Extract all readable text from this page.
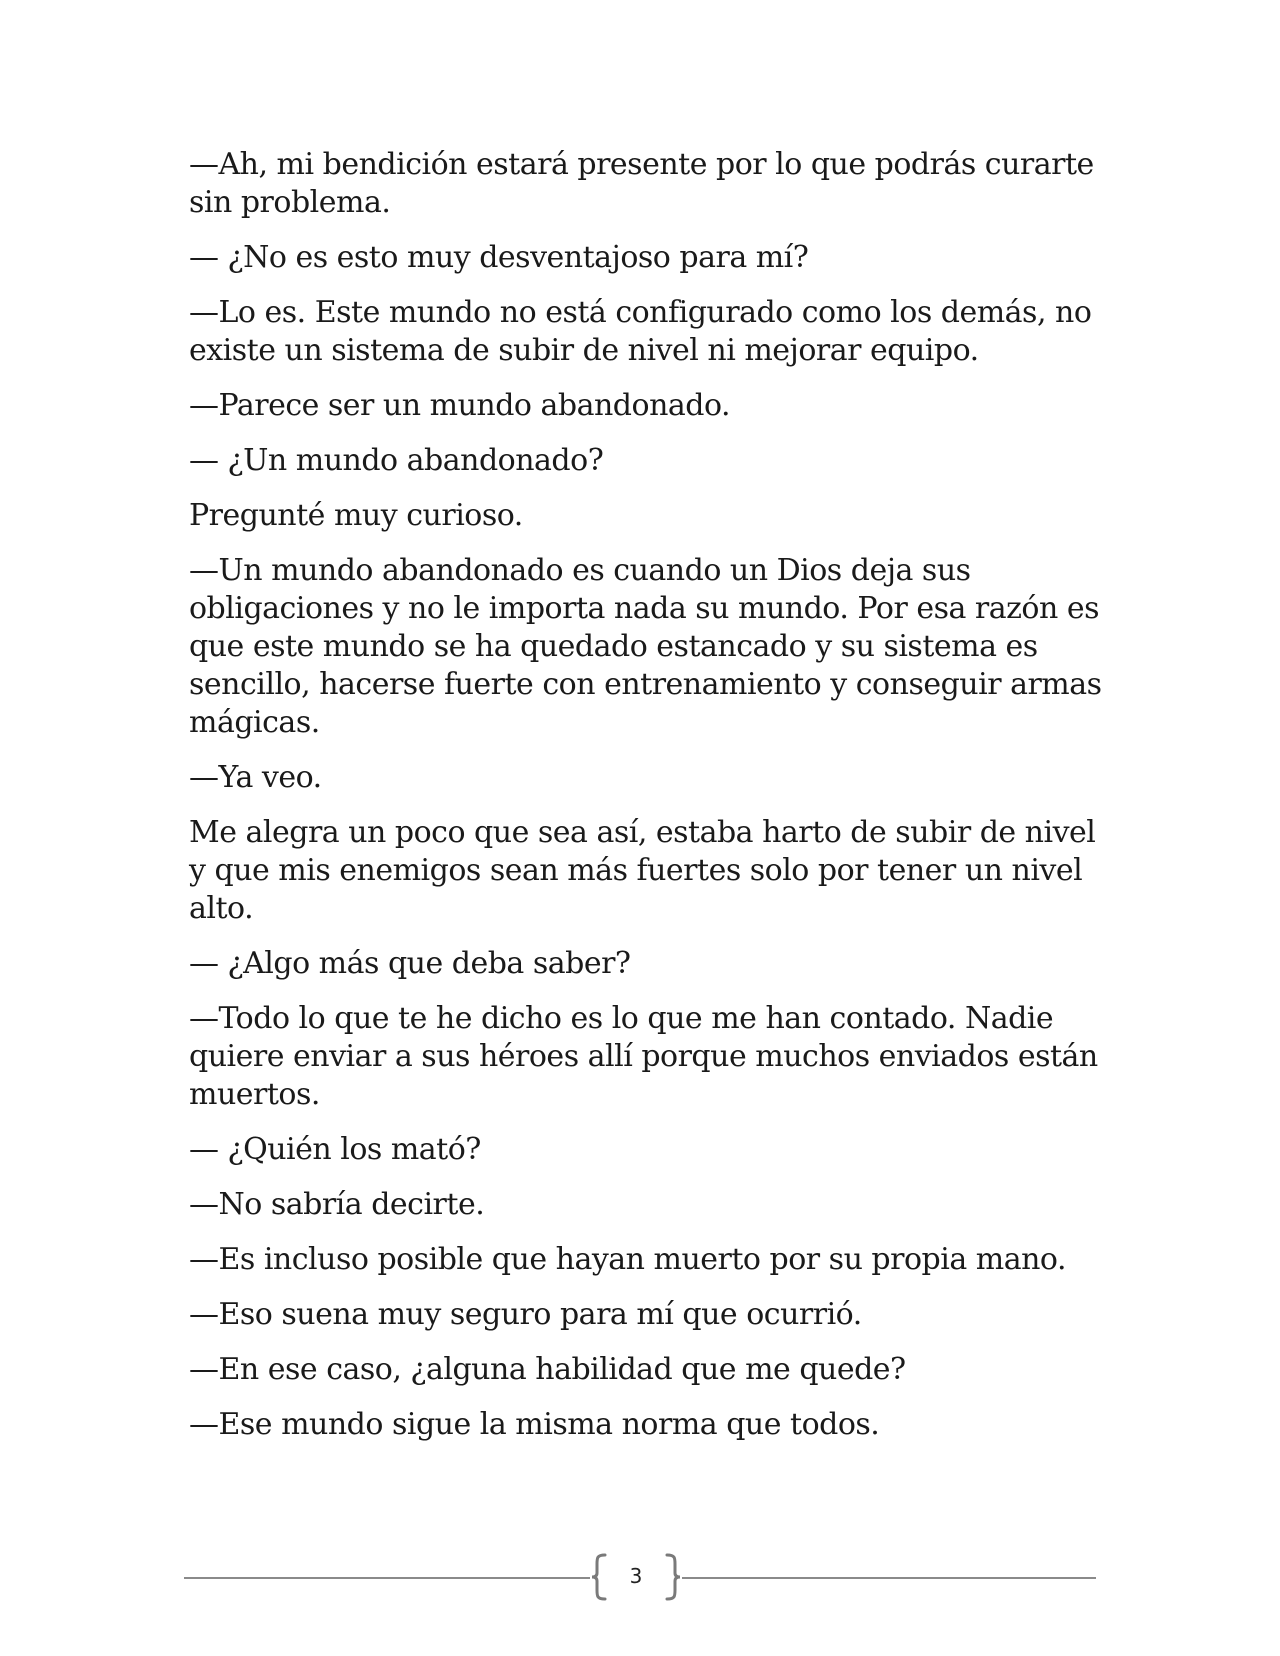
—Ah, mi bendición estará presente por lo que podrás curarte sin problema.

— ¿No es esto muy desventajoso para mí?

—Lo es. Este mundo no está configurado como los demás, no existe un sistema de subir de nivel ni mejorar equipo.

—Parece ser un mundo abandonado.

— ¿Un mundo abandonado?

Pregunté muy curioso.

—Un mundo abandonado es cuando un Dios deja sus obligaciones y no le importa nada su mundo. Por esa razón es que este mundo se ha quedado estancado y su sistema es sencillo, hacerse fuerte con entrenamiento y conseguir armas mágicas.

—Ya veo.

Me alegra un poco que sea así, estaba harto de subir de nivel y que mis enemigos sean más fuertes solo por tener un nivel alto.

— ¿Algo más que deba saber?

—Todo lo que te he dicho es lo que me han contado. Nadie quiere enviar a sus héroes allí porque muchos enviados están muertos.

— ¿Quién los mató?

—No sabría decirte.

—Es incluso posible que hayan muerto por su propia mano.

—Eso suena muy seguro para mí que ocurrió.

—En ese caso, ¿alguna habilidad que me quede?

—Ese mundo sigue la misma norma que todos.

3
